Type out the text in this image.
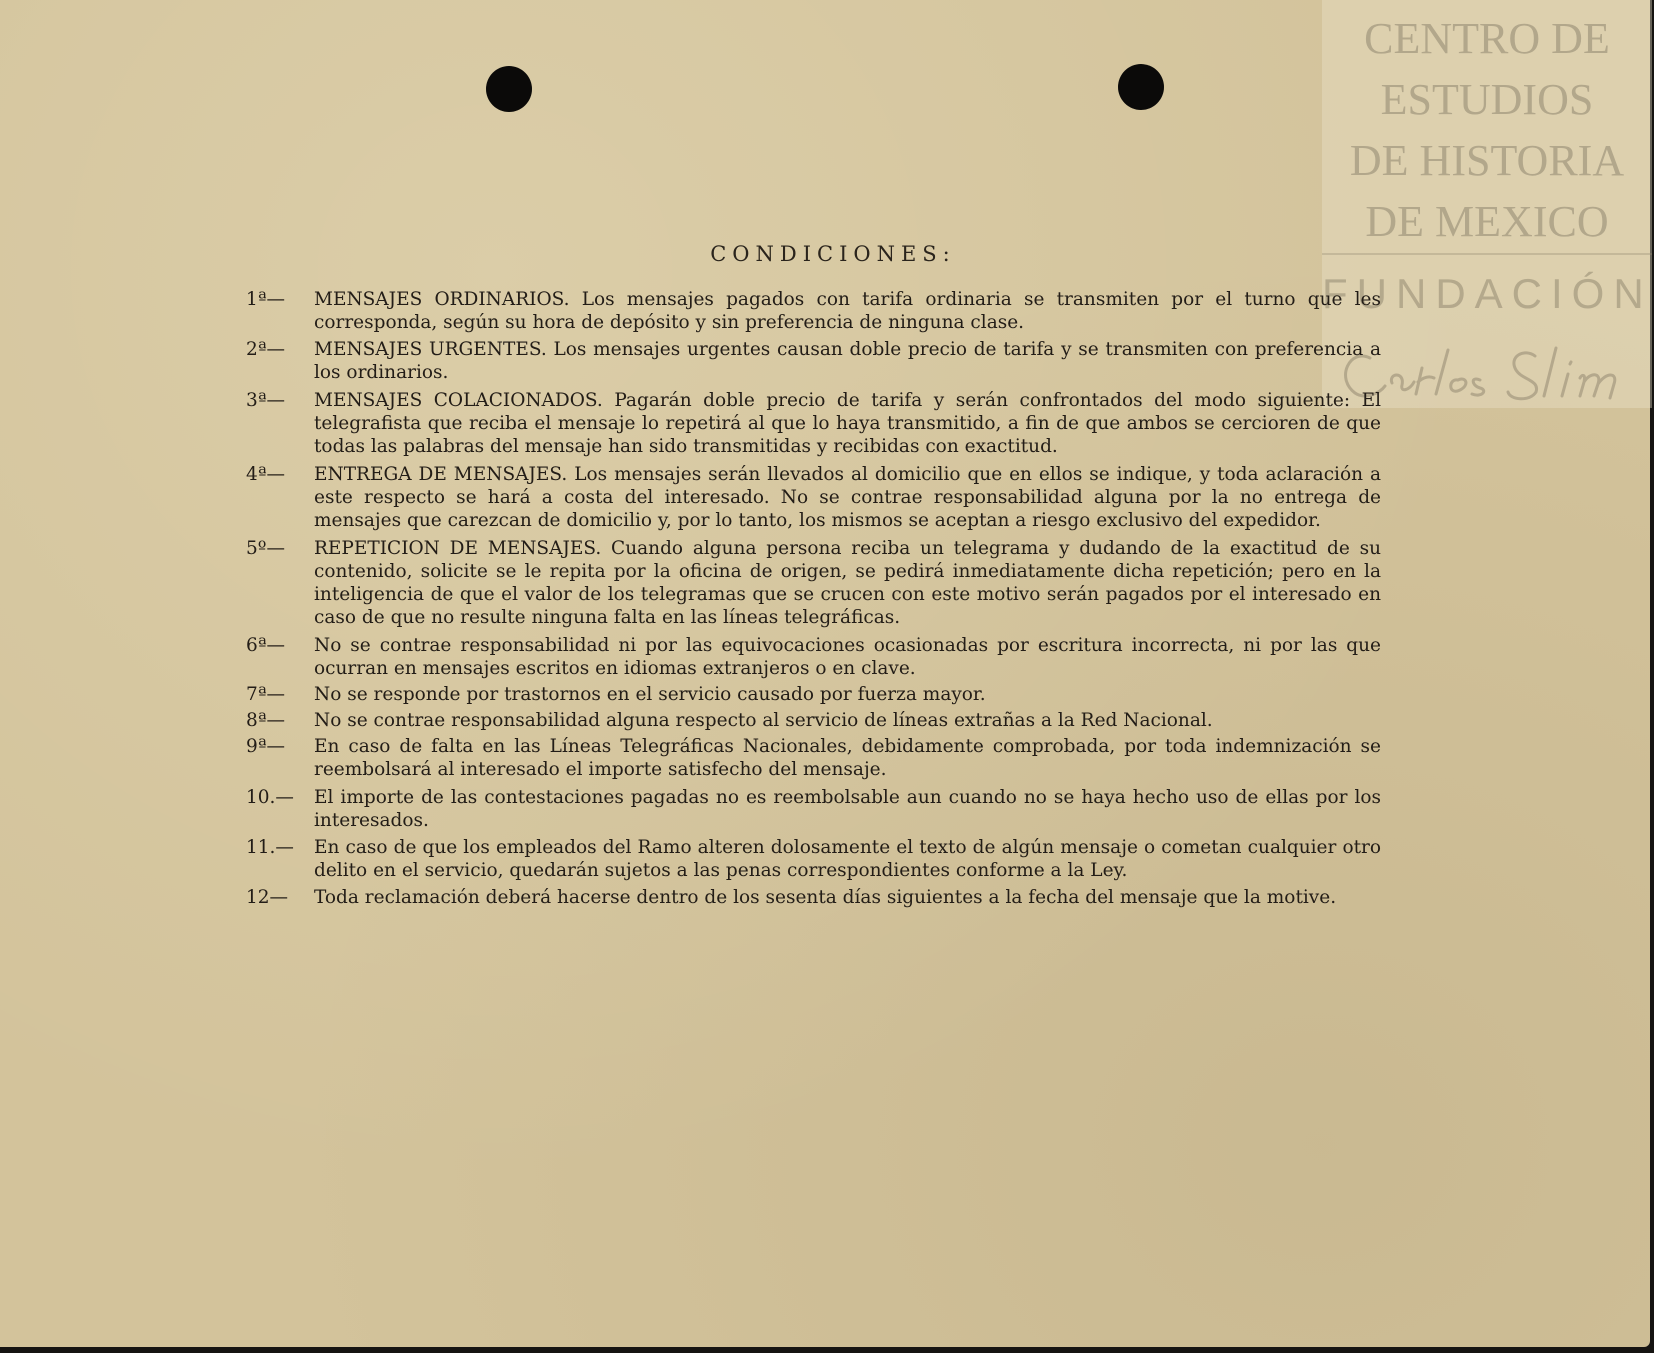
CENTRO DE
ESTUDIOS
DE HISTORIA
DE MEXICO
FUNDACIÓN
CONDICIONES:
1ª—	MENSAJES ORDINARIOS. Los mensajes pagados con tarifa ordinaria se transmiten por el turno que les corresponda, según su hora de depósito y sin preferencia de ninguna clase.
2ª—	MENSAJES URGENTES. Los mensajes urgentes causan doble precio de tarifa y se transmiten con preferencia a los ordinarios.
3ª—	MENSAJES COLACIONADOS. Pagarán doble precio de tarifa y serán confrontados del modo siguiente: El telegrafista que reciba el mensaje lo repetirá al que lo haya transmitido, a fin de que ambos se cercioren de que todas las palabras del mensaje han sido transmitidas y recibidas con exactitud.
4ª—	ENTREGA DE MENSAJES. Los mensajes serán llevados al domicilio que en ellos se indique, y toda aclaración a este respecto se hará a costa del interesado. No se contrae responsabilidad alguna por la no entrega de mensajes que carezcan de domicilio y, por lo tanto, los mismos se aceptan a riesgo exclusivo del expedidor.
5º—	REPETICION DE MENSAJES. Cuando alguna persona reciba un telegrama y dudando de la exactitud de su contenido, solicite se le repita por la oficina de origen, se pedirá inmediatamente dicha repetición; pero en la inteligencia de que el valor de los telegramas que se crucen con este motivo serán pagados por el interesado en caso de que no resulte ninguna falta en las líneas telegráficas.
6ª—	No se contrae responsabilidad ni por las equivocaciones ocasionadas por escritura incorrecta, ni por las que ocurran en mensajes escritos en idiomas extranjeros o en clave.
7ª—	No se responde por trastornos en el servicio causado por fuerza mayor.
8ª—	No se contrae responsabilidad alguna respecto al servicio de líneas extrañas a la Red Nacional.
9ª—	En caso de falta en las Líneas Telegráficas Nacionales, debidamente comprobada, por toda indemnización se reembolsará al interesado el importe satisfecho del mensaje.
10.—	El importe de las contestaciones pagadas no es reembolsable aun cuando no se haya hecho uso de ellas por los interesados.
11.—	En caso de que los empleados del Ramo alteren dolosamente el texto de algún mensaje o cometan cualquier otro delito en el servicio, quedarán sujetos a las penas correspondientes conforme a la Ley.
12—	Toda reclamación deberá hacerse dentro de los sesenta días siguientes a la fecha del mensaje que la motive.
